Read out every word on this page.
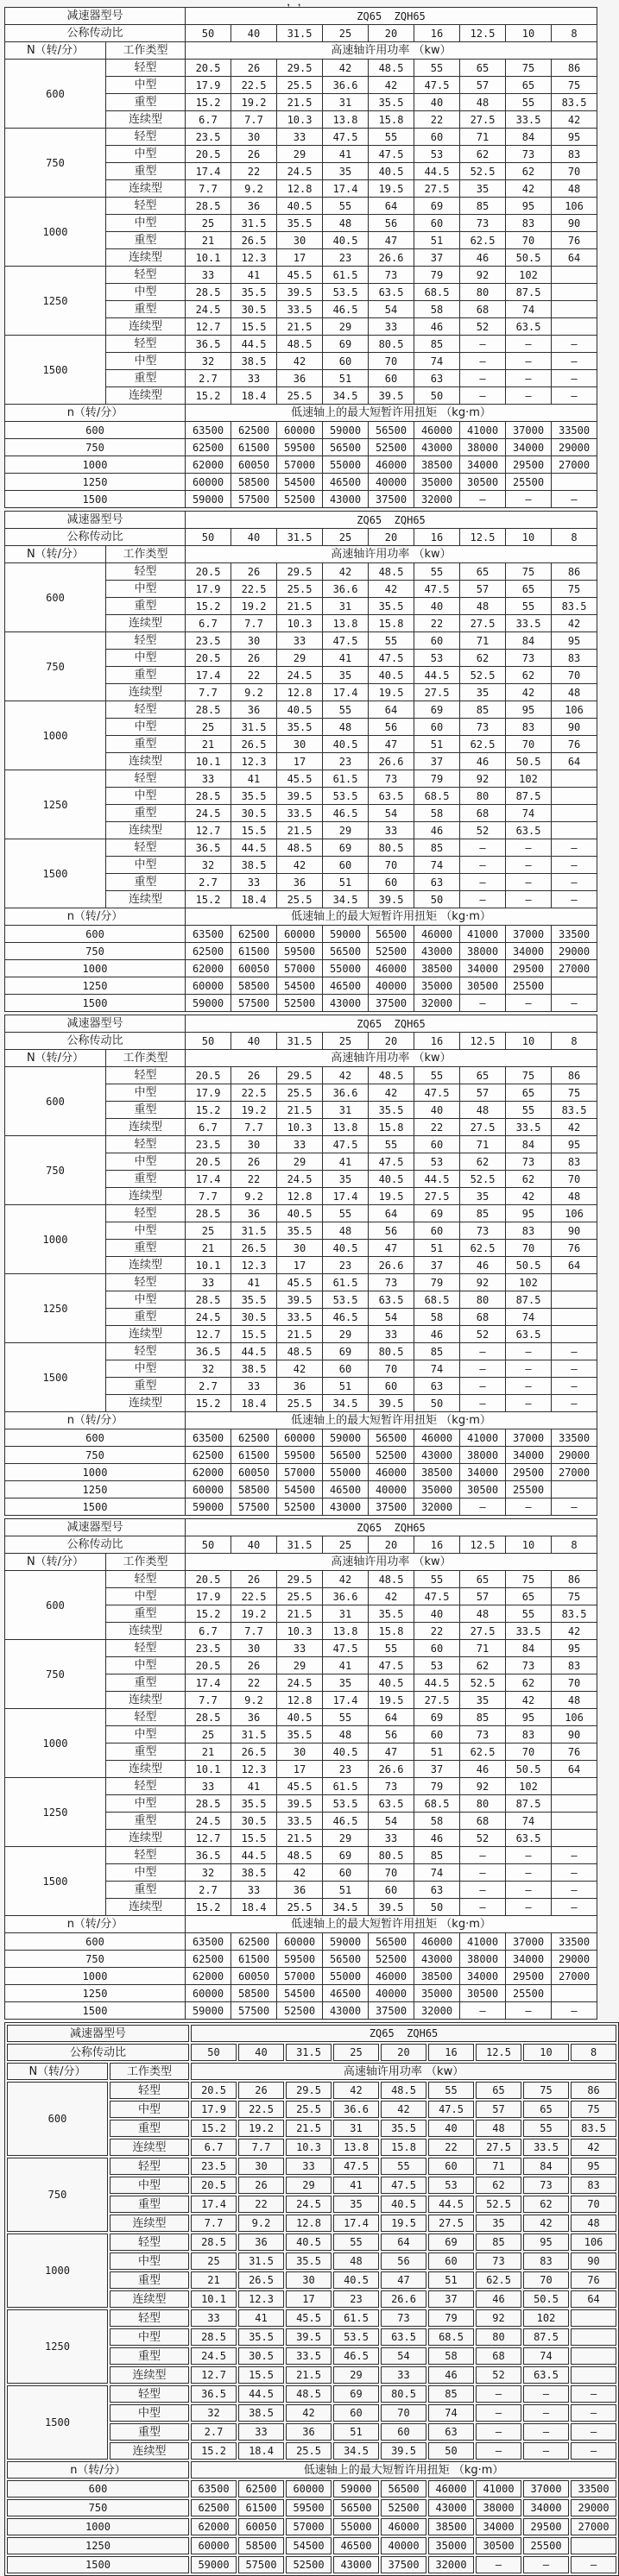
，，
减速器型号		ZQ65  ZQH65								
公称传动比		50	40	31.5	25	20	16	12.5	10	8
N（转/分）	工作类型	高速轴许用功率 （kw）								
600	轻型	20.5	26	29.5	42	48.5	55	65	75	86
	中型	17.9	22.5	25.5	36.6	42	47.5	57	65	75
	重型	15.2	19.2	21.5	31	35.5	40	48	55	83.5
	连续型	6.7	7.7	10.3	13.8	15.8	22	27.5	33.5	42
750	轻型	23.5	30	33	47.5	55	60	71	84	95
	中型	20.5	26	29	41	47.5	53	62	73	83
	重型	17.4	22	24.5	35	40.5	44.5	52.5	62	70
	连续型	7.7	9.2	12.8	17.4	19.5	27.5	35	42	48
1000	轻型	28.5	36	40.5	55	64	69	85	95	106
	中型	25	31.5	35.5	48	56	60	73	83	90
	重型	21	26.5	30	40.5	47	51	62.5	70	76
	连续型	10.1	12.3	17	23	26.6	37	46	50.5	64
1250	轻型	33	41	45.5	61.5	73	79	92	102	
	中型	28.5	35.5	39.5	53.5	63.5	68.5	80	87.5	
	重型	24.5	30.5	33.5	46.5	54	58	68	74	
	连续型	12.7	15.5	21.5	29	33	46	52	63.5	
1500	轻型	36.5	44.5	48.5	69	80.5	85	—	—	—
	中型	32	38.5	42	60	70	74	—	—	—
	重型	2.7	33	36	51	60	63	—	—	—
	连续型	15.2	18.4	25.5	34.5	39.5	50	—	—	—
n（转/分）		低速轴上的最大短暂许用扭矩 （kg·m）								
600		63500	62500	60000	59000	56500	46000	41000	37000	33500
750		62500	61500	59500	56500	52500	43000	38000	34000	29000
1000		62000	60050	57000	55000	46000	38500	34000	29500	27000
1250		60000	58500	54500	46500	40000	35000	30500	25500	
1500		59000	57500	52500	43000	37500	32000	—	—	—
减速器型号		ZQ65  ZQH65								
公称传动比		50	40	31.5	25	20	16	12.5	10	8
N（转/分）	工作类型	高速轴许用功率 （kw）								
600	轻型	20.5	26	29.5	42	48.5	55	65	75	86
	中型	17.9	22.5	25.5	36.6	42	47.5	57	65	75
	重型	15.2	19.2	21.5	31	35.5	40	48	55	83.5
	连续型	6.7	7.7	10.3	13.8	15.8	22	27.5	33.5	42
750	轻型	23.5	30	33	47.5	55	60	71	84	95
	中型	20.5	26	29	41	47.5	53	62	73	83
	重型	17.4	22	24.5	35	40.5	44.5	52.5	62	70
	连续型	7.7	9.2	12.8	17.4	19.5	27.5	35	42	48
1000	轻型	28.5	36	40.5	55	64	69	85	95	106
	中型	25	31.5	35.5	48	56	60	73	83	90
	重型	21	26.5	30	40.5	47	51	62.5	70	76
	连续型	10.1	12.3	17	23	26.6	37	46	50.5	64
1250	轻型	33	41	45.5	61.5	73	79	92	102	
	中型	28.5	35.5	39.5	53.5	63.5	68.5	80	87.5	
	重型	24.5	30.5	33.5	46.5	54	58	68	74	
	连续型	12.7	15.5	21.5	29	33	46	52	63.5	
1500	轻型	36.5	44.5	48.5	69	80.5	85	—	—	—
	中型	32	38.5	42	60	70	74	—	—	—
	重型	2.7	33	36	51	60	63	—	—	—
	连续型	15.2	18.4	25.5	34.5	39.5	50	—	—	—
n（转/分）		低速轴上的最大短暂许用扭矩 （kg·m）								
600		63500	62500	60000	59000	56500	46000	41000	37000	33500
750		62500	61500	59500	56500	52500	43000	38000	34000	29000
1000		62000	60050	57000	55000	46000	38500	34000	29500	27000
1250		60000	58500	54500	46500	40000	35000	30500	25500	
1500		59000	57500	52500	43000	37500	32000	—	—	—
减速器型号		ZQ65  ZQH65								
公称传动比		50	40	31.5	25	20	16	12.5	10	8
N（转/分）	工作类型	高速轴许用功率 （kw）								
600	轻型	20.5	26	29.5	42	48.5	55	65	75	86
	中型	17.9	22.5	25.5	36.6	42	47.5	57	65	75
	重型	15.2	19.2	21.5	31	35.5	40	48	55	83.5
	连续型	6.7	7.7	10.3	13.8	15.8	22	27.5	33.5	42
750	轻型	23.5	30	33	47.5	55	60	71	84	95
	中型	20.5	26	29	41	47.5	53	62	73	83
	重型	17.4	22	24.5	35	40.5	44.5	52.5	62	70
	连续型	7.7	9.2	12.8	17.4	19.5	27.5	35	42	48
1000	轻型	28.5	36	40.5	55	64	69	85	95	106
	中型	25	31.5	35.5	48	56	60	73	83	90
	重型	21	26.5	30	40.5	47	51	62.5	70	76
	连续型	10.1	12.3	17	23	26.6	37	46	50.5	64
1250	轻型	33	41	45.5	61.5	73	79	92	102	
	中型	28.5	35.5	39.5	53.5	63.5	68.5	80	87.5	
	重型	24.5	30.5	33.5	46.5	54	58	68	74	
	连续型	12.7	15.5	21.5	29	33	46	52	63.5	
1500	轻型	36.5	44.5	48.5	69	80.5	85	—	—	—
	中型	32	38.5	42	60	70	74	—	—	—
	重型	2.7	33	36	51	60	63	—	—	—
	连续型	15.2	18.4	25.5	34.5	39.5	50	—	—	—
n（转/分）		低速轴上的最大短暂许用扭矩 （kg·m）								
600		63500	62500	60000	59000	56500	46000	41000	37000	33500
750		62500	61500	59500	56500	52500	43000	38000	34000	29000
1000		62000	60050	57000	55000	46000	38500	34000	29500	27000
1250		60000	58500	54500	46500	40000	35000	30500	25500	
1500		59000	57500	52500	43000	37500	32000	—	—	—
减速器型号		ZQ65  ZQH65								
公称传动比		50	40	31.5	25	20	16	12.5	10	8
N（转/分）	工作类型	高速轴许用功率 （kw）								
600	轻型	20.5	26	29.5	42	48.5	55	65	75	86
	中型	17.9	22.5	25.5	36.6	42	47.5	57	65	75
	重型	15.2	19.2	21.5	31	35.5	40	48	55	83.5
	连续型	6.7	7.7	10.3	13.8	15.8	22	27.5	33.5	42
750	轻型	23.5	30	33	47.5	55	60	71	84	95
	中型	20.5	26	29	41	47.5	53	62	73	83
	重型	17.4	22	24.5	35	40.5	44.5	52.5	62	70
	连续型	7.7	9.2	12.8	17.4	19.5	27.5	35	42	48
1000	轻型	28.5	36	40.5	55	64	69	85	95	106
	中型	25	31.5	35.5	48	56	60	73	83	90
	重型	21	26.5	30	40.5	47	51	62.5	70	76
	连续型	10.1	12.3	17	23	26.6	37	46	50.5	64
1250	轻型	33	41	45.5	61.5	73	79	92	102	
	中型	28.5	35.5	39.5	53.5	63.5	68.5	80	87.5	
	重型	24.5	30.5	33.5	46.5	54	58	68	74	
	连续型	12.7	15.5	21.5	29	33	46	52	63.5	
1500	轻型	36.5	44.5	48.5	69	80.5	85	—	—	—
	中型	32	38.5	42	60	70	74	—	—	—
	重型	2.7	33	36	51	60	63	—	—	—
	连续型	15.2	18.4	25.5	34.5	39.5	50	—	—	—
n（转/分）		低速轴上的最大短暂许用扭矩 （kg·m）								
600		63500	62500	60000	59000	56500	46000	41000	37000	33500
750		62500	61500	59500	56500	52500	43000	38000	34000	29000
1000		62000	60050	57000	55000	46000	38500	34000	29500	27000
1250		60000	58500	54500	46500	40000	35000	30500	25500	
1500		59000	57500	52500	43000	37500	32000	—	—	—
减速器型号		ZQ65  ZQH65								
公称传动比		50	40	31.5	25	20	16	12.5	10	8
N（转/分）	工作类型	高速轴许用功率 （kw）								
600	轻型	20.5	26	29.5	42	48.5	55	65	75	86
	中型	17.9	22.5	25.5	36.6	42	47.5	57	65	75
	重型	15.2	19.2	21.5	31	35.5	40	48	55	83.5
	连续型	6.7	7.7	10.3	13.8	15.8	22	27.5	33.5	42
750	轻型	23.5	30	33	47.5	55	60	71	84	95
	中型	20.5	26	29	41	47.5	53	62	73	83
	重型	17.4	22	24.5	35	40.5	44.5	52.5	62	70
	连续型	7.7	9.2	12.8	17.4	19.5	27.5	35	42	48
1000	轻型	28.5	36	40.5	55	64	69	85	95	106
	中型	25	31.5	35.5	48	56	60	73	83	90
	重型	21	26.5	30	40.5	47	51	62.5	70	76
	连续型	10.1	12.3	17	23	26.6	37	46	50.5	64
1250	轻型	33	41	45.5	61.5	73	79	92	102	
	中型	28.5	35.5	39.5	53.5	63.5	68.5	80	87.5	
	重型	24.5	30.5	33.5	46.5	54	58	68	74	
	连续型	12.7	15.5	21.5	29	33	46	52	63.5	
1500	轻型	36.5	44.5	48.5	69	80.5	85	—	—	—
	中型	32	38.5	42	60	70	74	—	—	—
	重型	2.7	33	36	51	60	63	—	—	—
	连续型	15.2	18.4	25.5	34.5	39.5	50	—	—	—
n（转/分）		低速轴上的最大短暂许用扭矩 （kg·m）								
600		63500	62500	60000	59000	56500	46000	41000	37000	33500
750		62500	61500	59500	56500	52500	43000	38000	34000	29000
1000		62000	60050	57000	55000	46000	38500	34000	29500	27000
1250		60000	58500	54500	46500	40000	35000	30500	25500	
1500		59000	57500	52500	43000	37500	32000	—	—	—
